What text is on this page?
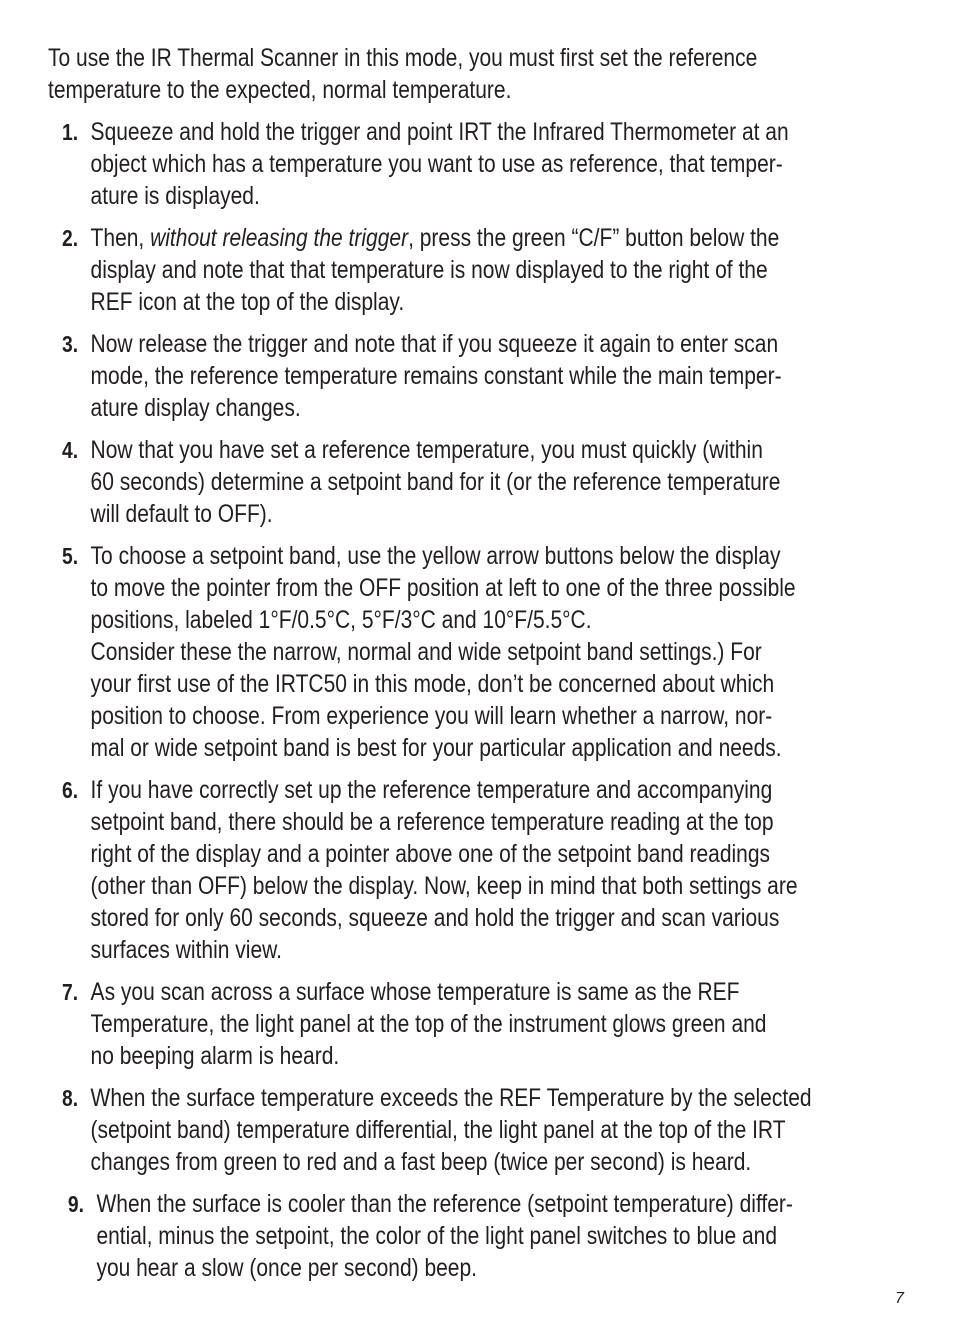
To use the IR Thermal Scanner in this mode, you must first set the reference
temperature to the expected, normal temperature.
1. Squeeze and hold the trigger and point IRT the Infrared Thermometer at an
object which has a temperature you want to use as reference, that temper-
ature is displayed.
2. Then, without releasing the trigger, press the green “C/F” button below the
display and note that that temperature is now displayed to the right of the
REF icon at the top of the display.
3. Now release the trigger and note that if you squeeze it again to enter scan
mode, the reference temperature remains constant while the main temper-
ature display changes.
4. Now that you have set a reference temperature, you must quickly (within
60 seconds) determine a setpoint band for it (or the reference temperature
will default to OFF).
5. To choose a setpoint band, use the yellow arrow buttons below the display
to move the pointer from the OFF position at left to one of the three possible
positions, labeled 1°F/0.5°C, 5°F/3°C and 10°F/5.5°C.
Consider these the narrow, normal and wide setpoint band settings.) For
your first use of the IRTC50 in this mode, don’t be concerned about which
position to choose. From experience you will learn whether a narrow, nor-
mal or wide setpoint band is best for your particular application and needs.
6. If you have correctly set up the reference temperature and accompanying
setpoint band, there should be a reference temperature reading at the top
right of the display and a pointer above one of the setpoint band readings
(other than OFF) below the display. Now, keep in mind that both settings are
stored for only 60 seconds, squeeze and hold the trigger and scan various
surfaces within view.
7. As you scan across a surface whose temperature is same as the REF
Temperature, the light panel at the top of the instrument glows green and
no beeping alarm is heard.
8. When the surface temperature exceeds the REF Temperature by the selected
(setpoint band) temperature differential, the light panel at the top of the IRT
changes from green to red and a fast beep (twice per second) is heard.
9. When the surface is cooler than the reference (setpoint temperature) differ-
ential, minus the setpoint, the color of the light panel switches to blue and
you hear a slow (once per second) beep.
7
